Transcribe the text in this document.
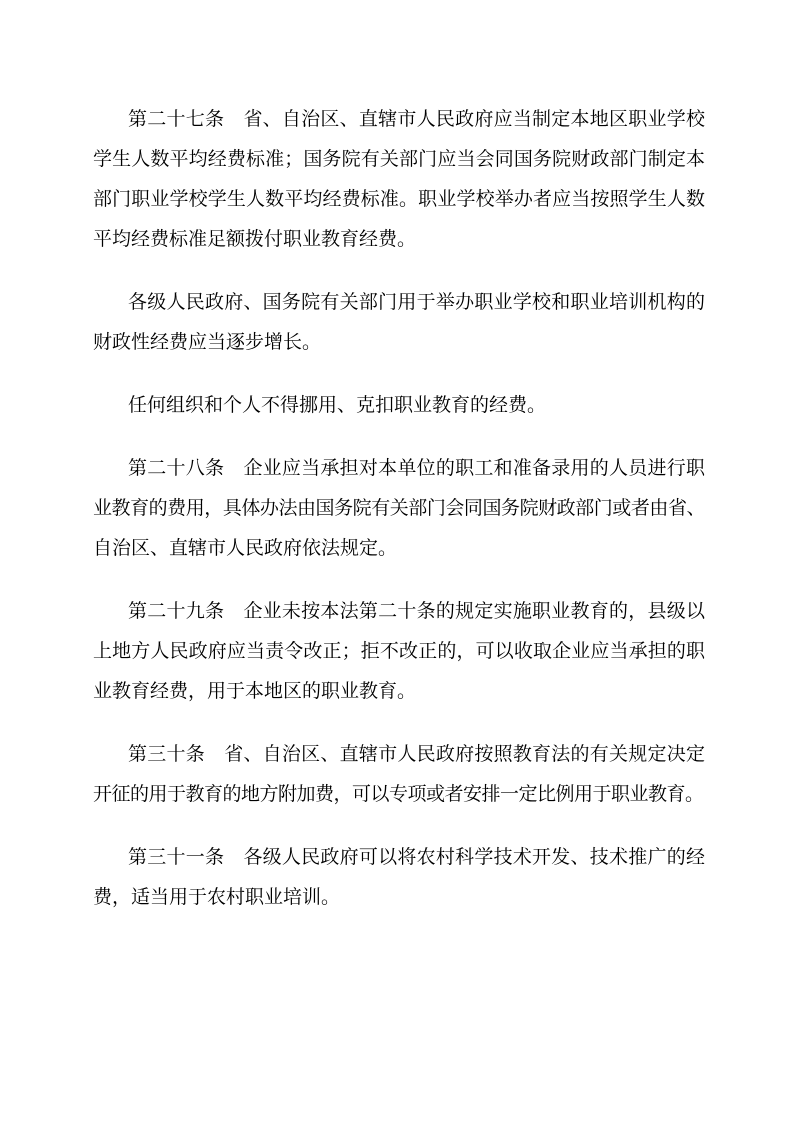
第二十七条　省、自治区、直辖市人民政府应当制定本地区职业学校
学生人数平均经费标准；国务院有关部门应当会同国务院财政部门制定本
部门职业学校学生人数平均经费标准。职业学校举办者应当按照学生人数
平均经费标准足额拨付职业教育经费。

各级人民政府、国务院有关部门用于举办职业学校和职业培训机构的
财政性经费应当逐步增长。

任何组织和个人不得挪用、克扣职业教育的经费。

第二十八条　企业应当承担对本单位的职工和准备录用的人员进行职
业教育的费用，具体办法由国务院有关部门会同国务院财政部门或者由省、
自治区、直辖市人民政府依法规定。

第二十九条　企业未按本法第二十条的规定实施职业教育的，县级以
上地方人民政府应当责令改正；拒不改正的，可以收取企业应当承担的职
业教育经费，用于本地区的职业教育。

第三十条　省、自治区、直辖市人民政府按照教育法的有关规定决定
开征的用于教育的地方附加费，可以专项或者安排一定比例用于职业教育。

第三十一条　各级人民政府可以将农村科学技术开发、技术推广的经
费，适当用于农村职业培训。
